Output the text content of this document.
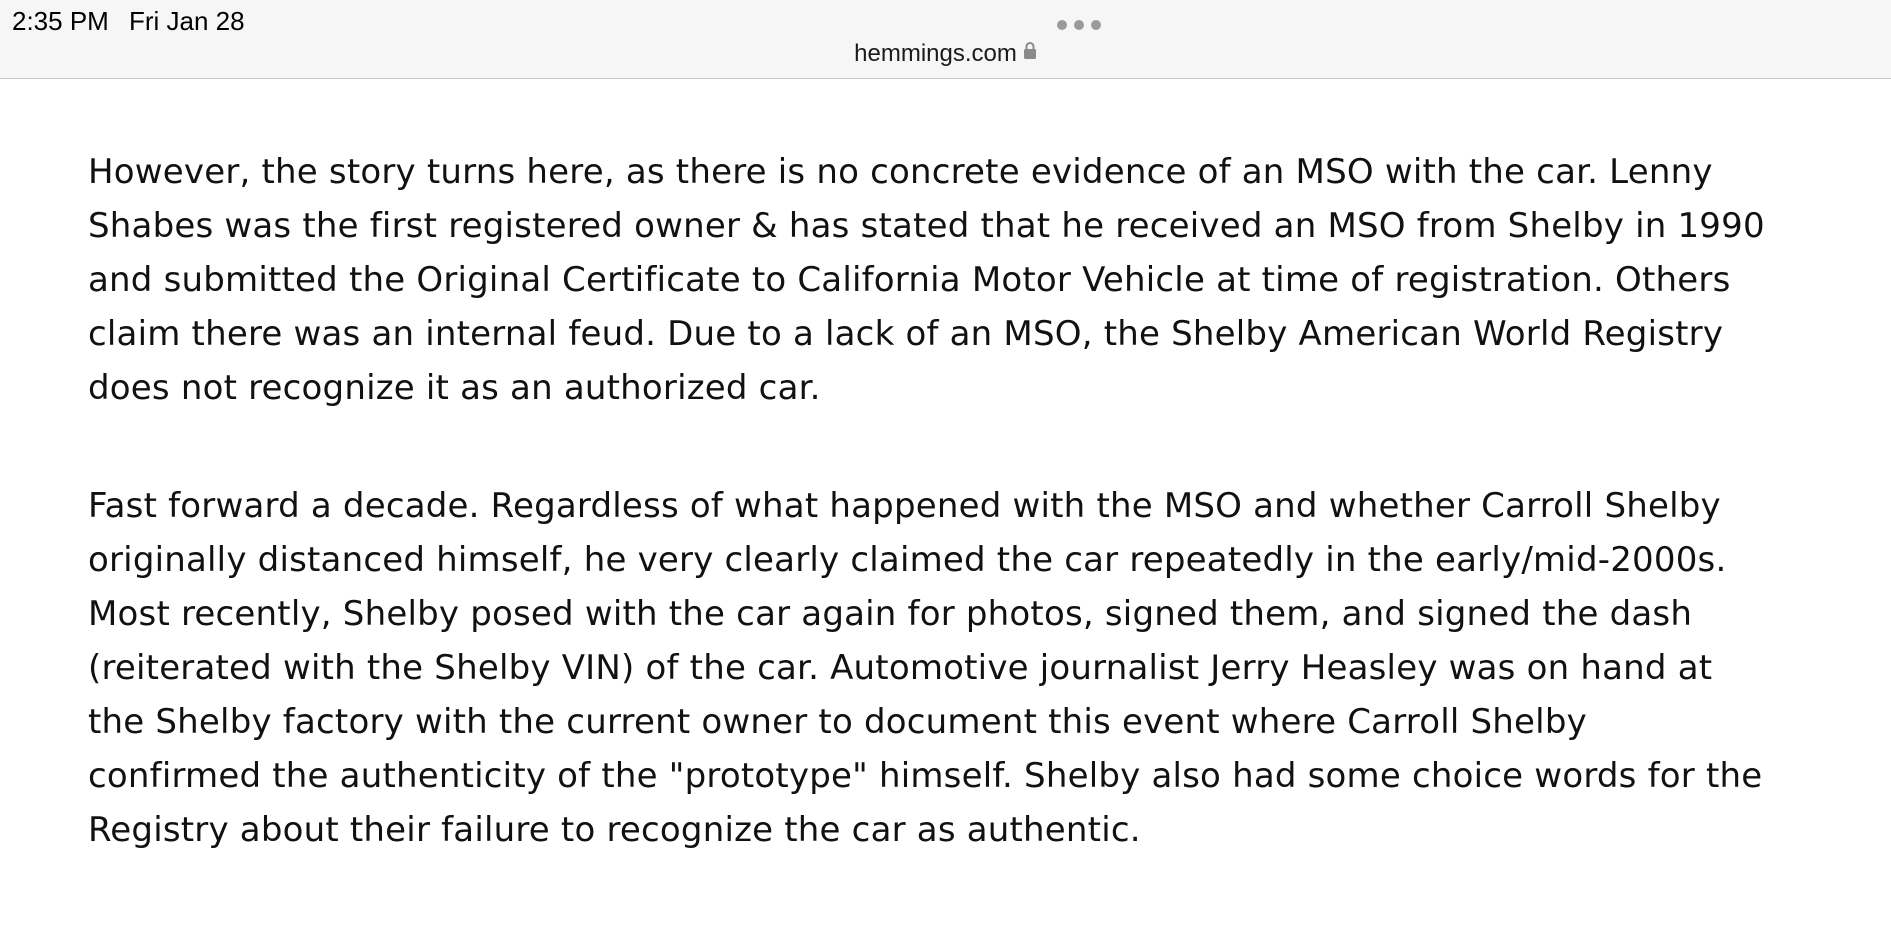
2:35 PM Fri Jan 28
hemmings.com

However, the story turns here, as there is no concrete evidence of an MSO with the car. Lenny
Shabes was the first registered owner & has stated that he received an MSO from Shelby in 1990
and submitted the Original Certificate to California Motor Vehicle at time of registration. Others
claim there was an internal feud. Due to a lack of an MSO, the Shelby American World Registry
does not recognize it as an authorized car.

Fast forward a decade. Regardless of what happened with the MSO and whether Carroll Shelby
originally distanced himself, he very clearly claimed the car repeatedly in the early/mid-2000s.
Most recently, Shelby posed with the car again for photos, signed them, and signed the dash
(reiterated with the Shelby VIN) of the car. Automotive journalist Jerry Heasley was on hand at
the Shelby factory with the current owner to document this event where Carroll Shelby
confirmed the authenticity of the "prototype" himself. Shelby also had some choice words for the
Registry about their failure to recognize the car as authentic.
